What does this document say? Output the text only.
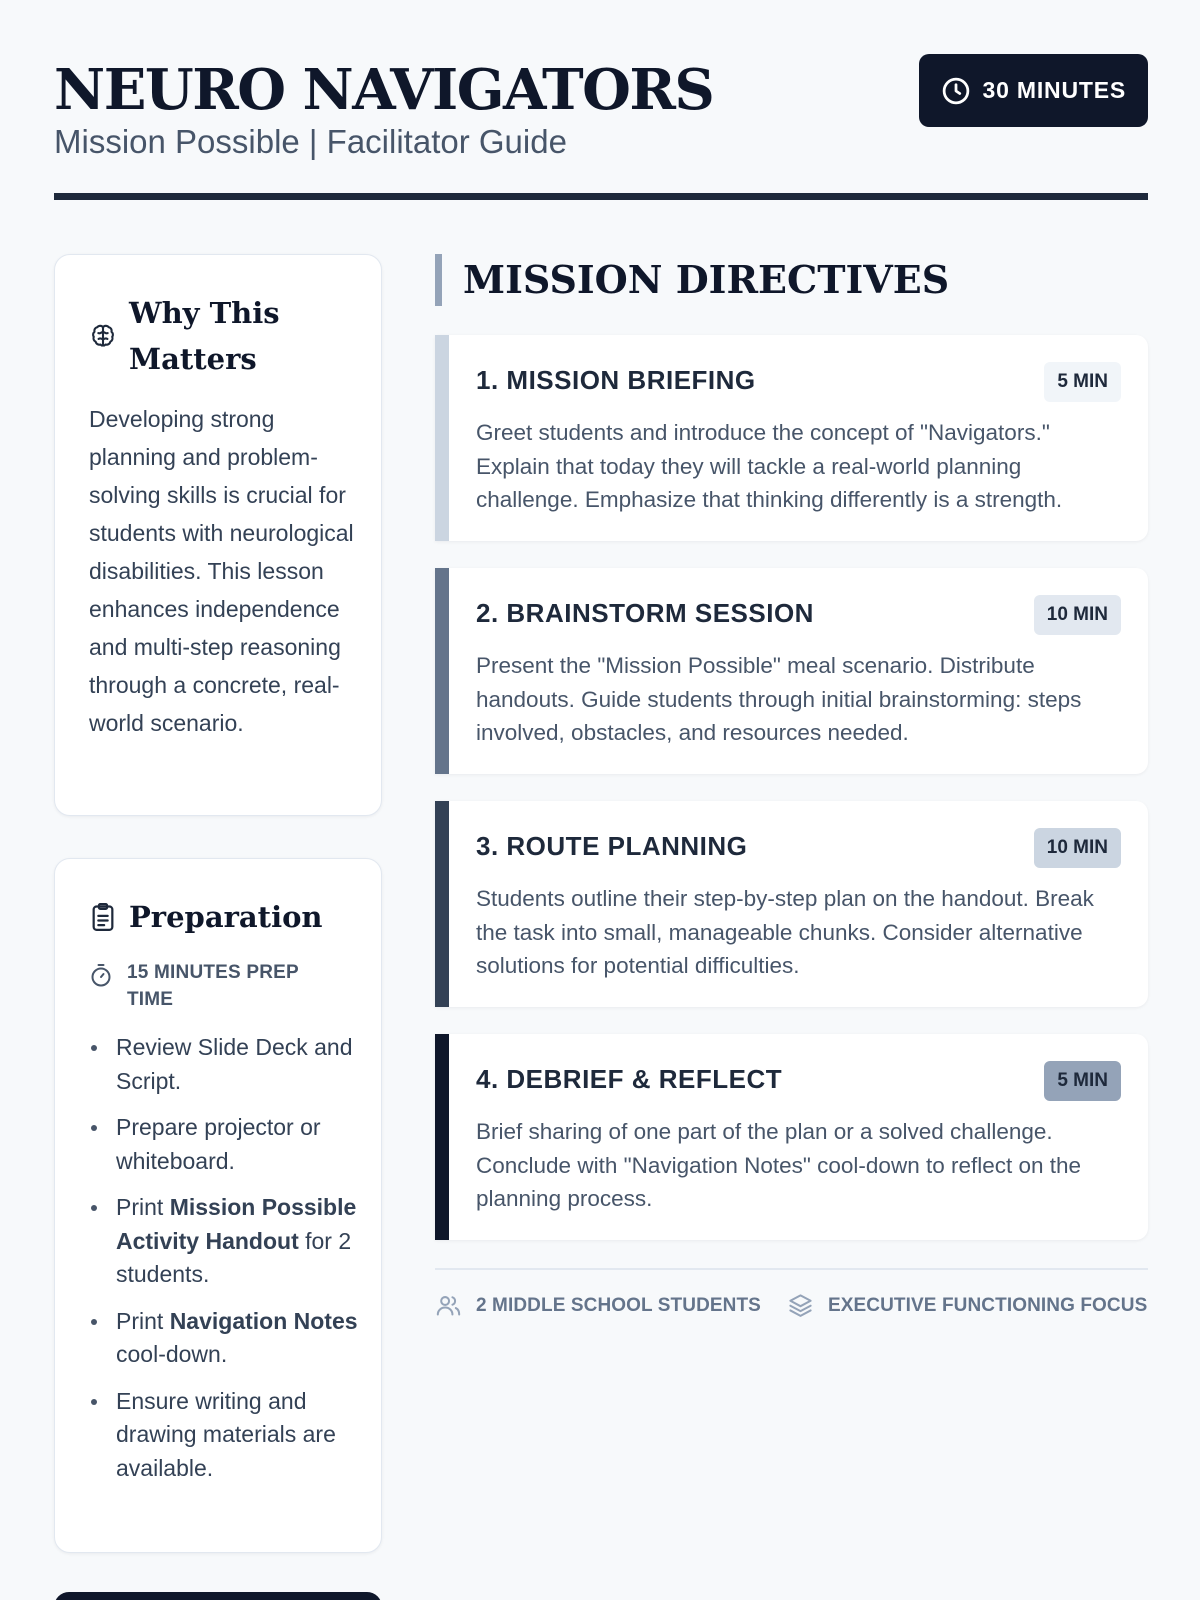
NEURO NAVIGATORS
Mission Possible | Facilitator Guide
30 MINUTES
Why This Matters

Developing strong planning and problem-solving skills is crucial for students with neurological disabilities. This lesson enhances independence and multi-step reasoning through a concrete, real-world scenario.

Preparation
15 MINUTES PREP TIME
Review Slide Deck and Script.
Prepare projector or whiteboard.
Print Mission Possible Activity Handout for 2 students.
Print Navigation Notes cool-down.
Ensure writing and drawing materials are available.
MISSION DIRECTIVES
1. MISSION BRIEFING	5 MIN

Greet students and introduce the concept of "Navigators." Explain that today they will tackle a real-world planning challenge. Emphasize that thinking differently is a strength.

2. BRAINSTORM SESSION	10 MIN

Present the "Mission Possible" meal scenario. Distribute handouts. Guide students through initial brainstorming: steps involved, obstacles, and resources needed.

3. ROUTE PLANNING	10 MIN

Students outline their step-by-step plan on the handout. Break the task into small, manageable chunks. Consider alternative solutions for potential difficulties.

4. DEBRIEF & REFLECT	5 MIN

Brief sharing of one part of the plan or a solved challenge. Conclude with "Navigation Notes" cool-down to reflect on the planning process.

2 MIDDLE SCHOOL STUDENTS	EXECUTIVE FUNCTIONING FOCUS
